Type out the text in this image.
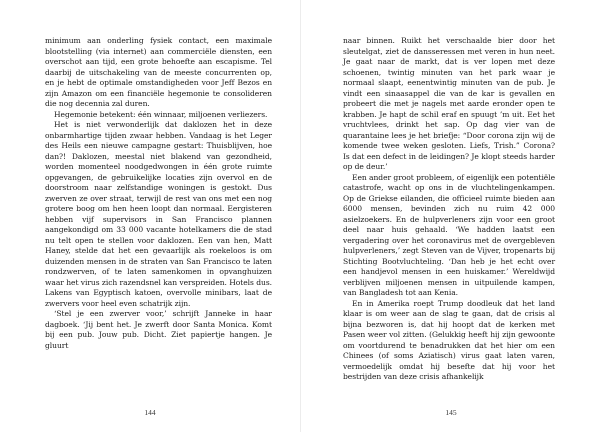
minimum aan onderling fysiek contact, een maximale blootstelling (via internet) aan commerciële diensten, een overschot aan tijd, een grote behoefte aan escapisme. Tel daarbij de uitschakeling van de meeste concurrenten op, en je hebt de optimale omstandigheden voor Jeff Bezos en zijn Amazon om een financiële hegemonie te consolideren die nog decennia zal duren.

Hegemonie betekent: één winnaar, miljoenen verliezers.

Het is niet verwonderlijk dat daklozen het in deze onbarmhartige tijden zwaar hebben. Vandaag is het Leger des Heils een nieuwe campagne gestart: Thuisblijven, hoe dan?! Daklozen, meestal niet blakend van gezondheid, worden momenteel noodgedwongen in één grote ruimte opgevangen, de gebruikelijke locaties zijn overvol en de doorstroom naar zelfstandige woningen is gestokt. Dus zwerven ze over straat, terwijl de rest van ons met een nog grotere boog om hen heen loopt dan normaal. Eergisteren hebben vijf supervisors in San Francisco plannen aangekondigd om 33 000 vacante hotelkamers die de stad nu telt open te stellen voor daklozen. Een van hen, Matt Haney, stelde dat het een gevaarlijk als roekeloos is om duizenden mensen in de straten van San Francisco te laten rondzwerven, of te laten samenkomen in opvanghuizen waar het virus zich razendsnel kan verspreiden. Hotels dus. Lakens van Egyptisch katoen, overvolle minibars, laat de zwervers voor heel even schatrijk zijn.

‘Stel je een zwerver voor,’ schrijft Janneke in haar dagboek. ‘Jij bent het. Je zwerft door Santa Monica. Komt bij een pub. Jouw pub. Dicht. Ziet papiertje hangen. Je gluurt

144

naar binnen. Ruikt het verschaalde bier door het sleutelgat, ziet de dansseressen met veren in hun neet. Je gaat naar de markt, dat is ver lopen met deze schoenen, twintig minuten van het park waar je normaal slaapt, eenentwintig minuten van de pub. Je vindt een sinaasappel die van de kar is gevallen en probeert die met je nagels met aarde eronder open te krabben. Je hapt de schil eraf en spuugt ’m uit. Eet het vruchtvlees, drinkt het sap. Op dag vier van de quarantaine lees je het briefje: “Door corona zijn wij de komende twee weken gesloten. Liefs, Trish.” Corona? Is dat een defect in de leidingen? Je klopt steeds harder op de deur.’

Een ander groot probleem, of eigenlijk een potentiële catastrofe, wacht op ons in de vluchtelingenkampen. Op de Griekse eilanden, die officieel ruimte bieden aan 6000 mensen, bevinden zich nu ruim 42 000 asielzoekers. En de hulpverleners zijn voor een groot deel naar huis gehaald. ‘We hadden laatst een vergadering over het coronavirus met de overgebleven hulpverleners,’ zegt Steven van de Vijver, tropenarts bij Stichting Bootvluchteling. ‘Dan heb je het echt over een handjevol mensen in een huiskamer.’ Wereldwijd verblijven miljoenen mensen in uitpuilende kampen, van Bangladesh tot aan Kenia.

En in Amerika roept Trump doodleuk dat het land klaar is om weer aan de slag te gaan, dat de crisis al bijna bezworen is, dat hij hoopt dat de kerken met Pasen weer vol zitten. (Gelukkig heeft hij zijn gewoonte om voortdurend te benadrukken dat het hier om een Chinees (of soms Aziatisch) virus gaat laten varen, vermoedelijk omdat hij besefte dat hij voor het bestrijden van deze crisis afhankelijk

145
